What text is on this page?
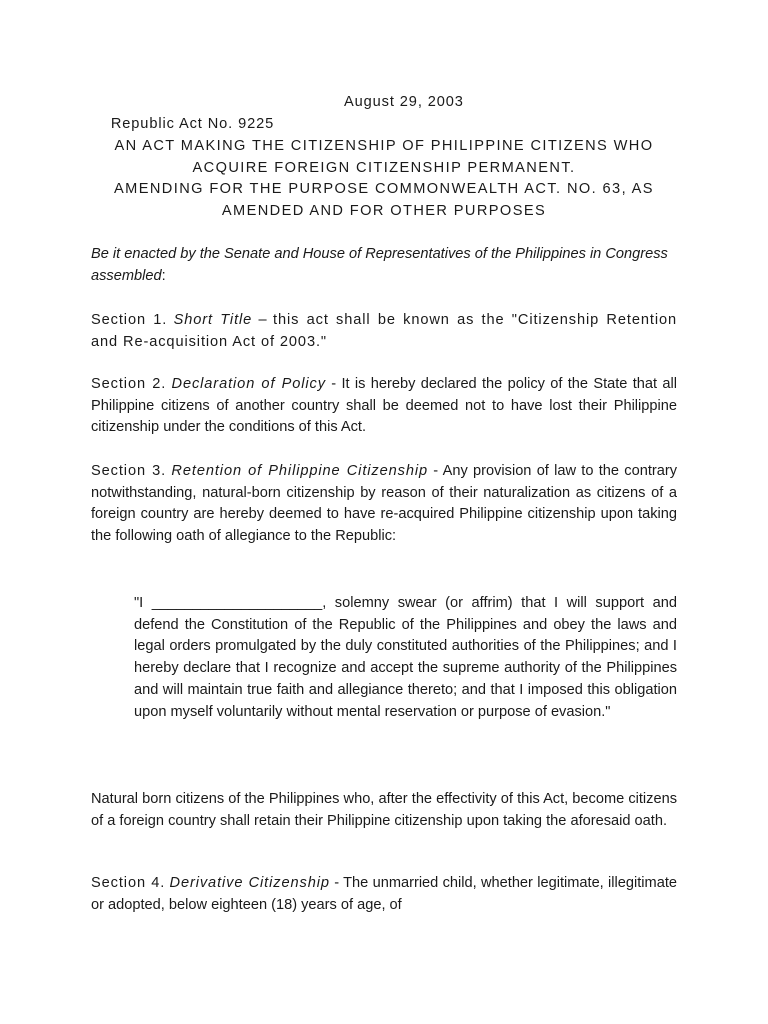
Republic Act No. 9225

August 29, 2003

AN ACT MAKING THE CITIZENSHIP OF PHILIPPINE CITIZENS WHO
ACQUIRE FOREIGN CITIZENSHIP PERMANENT.
AMENDING FOR THE PURPOSE COMMONWEALTH ACT. NO. 63, AS
AMENDED AND FOR OTHER PURPOSES

Be it enacted by the Senate and House of Representatives of the Philippines in Congress assembled:

Section 1. Short Title – this act shall be known as the "Citizenship Retention and Re-acquisition Act of 2003."

Section 2. Declaration of Policy - It is hereby declared the policy of the State that all Philippine citizens of another country shall be deemed not to have lost their Philippine citizenship under the conditions of this Act.

Section 3. Retention of Philippine Citizenship - Any provision of law to the contrary notwithstanding, natural-born citizenship by reason of their naturalization as citizens of a foreign country are hereby deemed to have re-acquired Philippine citizenship upon taking the following oath of allegiance to the Republic:

"I _____________________, solemny swear (or affrim) that I will support and defend the Constitution of the Republic of the Philippines and obey the laws and legal orders promulgated by the duly constituted authorities of the Philippines; and I hereby declare that I recognize and accept the supreme authority of the Philippines and will maintain true faith and allegiance thereto; and that I imposed this obligation upon myself voluntarily without mental reservation or purpose of evasion."

Natural born citizens of the Philippines who, after the effectivity of this Act, become citizens of a foreign country shall retain their Philippine citizenship upon taking the aforesaid oath.

Section 4. Derivative Citizenship - The unmarried child, whether legitimate, illegitimate or adopted, below eighteen (18) years of age, of
